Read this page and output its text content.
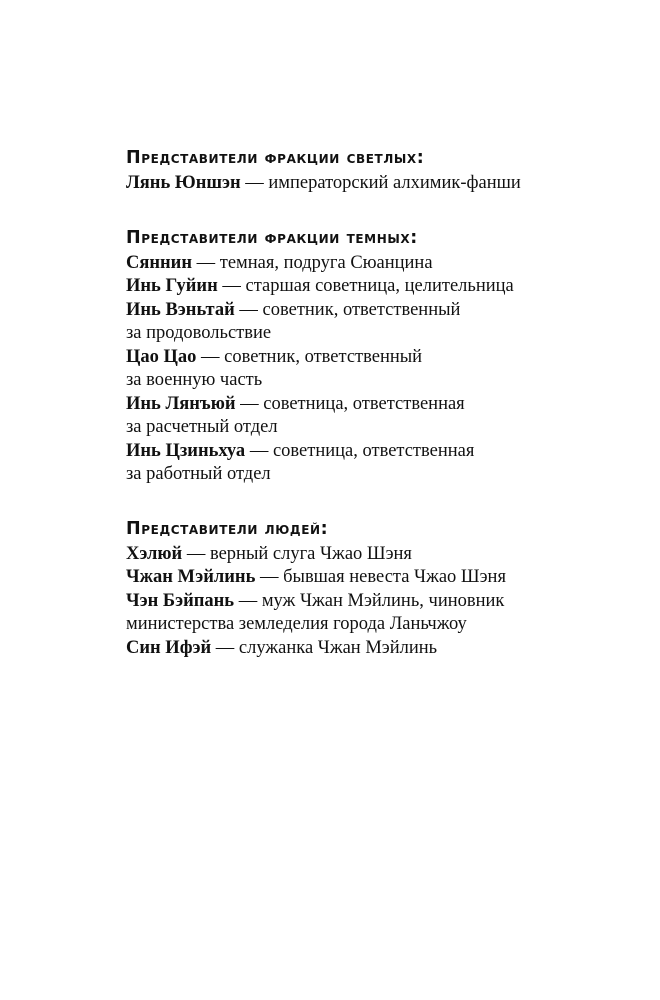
Представители фракции светлых:

Лянь Юншэн — императорский алхимик-фанши

Представители фракции темных:

Сяннин — темная, подруга Сюанцина

Инь Гуйин — старшая советница, целительница

Инь Вэньтай — советник, ответственный
за продовольствие

Цао Цао — советник, ответственный
за военную часть

Инь Лянъюй — советница, ответственная
за расчетный отдел

Инь Цзиньхуа — советница, ответственная
за работный отдел

Представители людей:

Хэлюй — верный слуга Чжао Шэня

Чжан Мэйлинь — бывшая невеста Чжао Шэня

Чэн Бэйпань — муж Чжан Мэйлинь, чиновник
министерства земледелия города Ланьчжоу

Син Ифэй — служанка Чжан Мэйлинь
